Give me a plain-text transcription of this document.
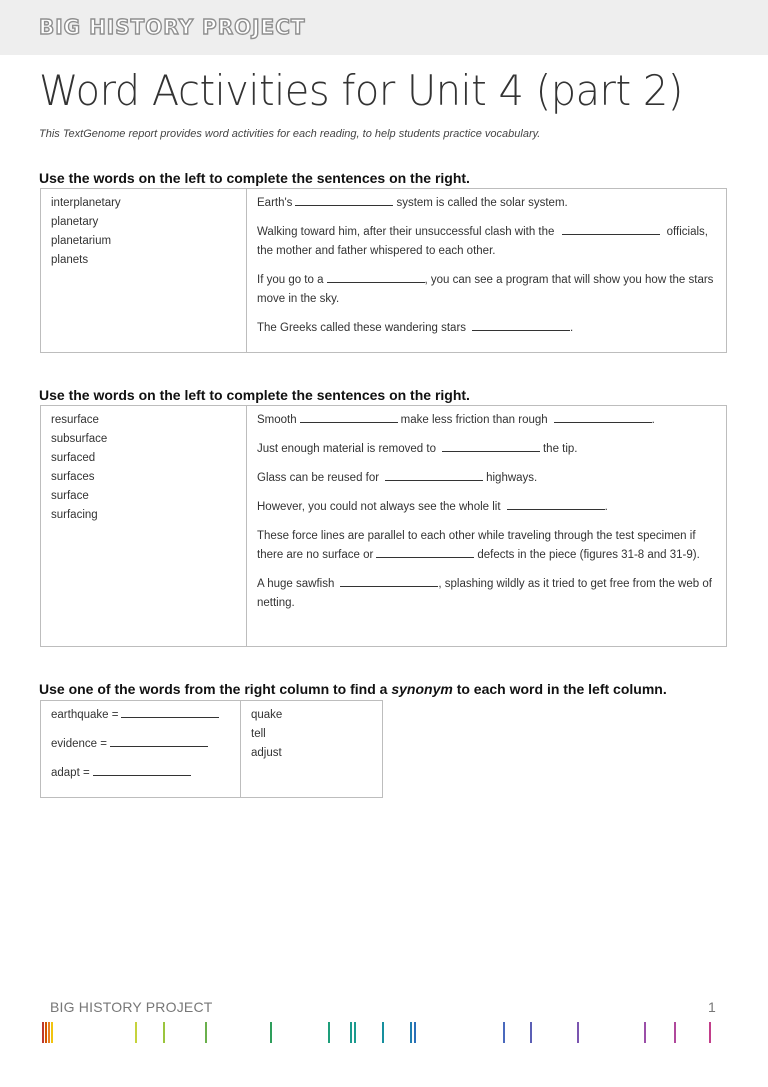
BIG HISTORY PROJECT
Word Activities for Unit 4 (part 2)
This TextGenome report provides word activities for each reading, to help students practice vocabulary.
Use the words on the left to complete the sentences on the right.
interplanetary
planetary
planetarium
planets

Earth's	system is called the solar system.
Walking toward him, after their unsuccessful clash with the	officials, the mother and father whispered to each other.
If you go to a	, you can see a program that will show you how the stars move in the sky.
The Greeks called these wandering stars	.
Use the words on the left to complete the sentences on the right.
resurface
subsurface
surfaced
surfaces
surface
surfacing

Smooth	make less friction than rough	.
Just enough material is removed to	the tip.
Glass can be reused for	highways.
However, you could not always see the whole lit	.
These force lines are parallel to each other while traveling through the test specimen if there are no surface or	defects in the piece (figures 31-8 and 31-9).
A huge sawfish	, splashing wildly as it tried to get free from the web of netting.
Use one of the words from the right column to find a synonym to each word in the left column.
earthquake =
evidence =
adapt =

quake
tell
adjust
BIG HISTORY PROJECT	1
